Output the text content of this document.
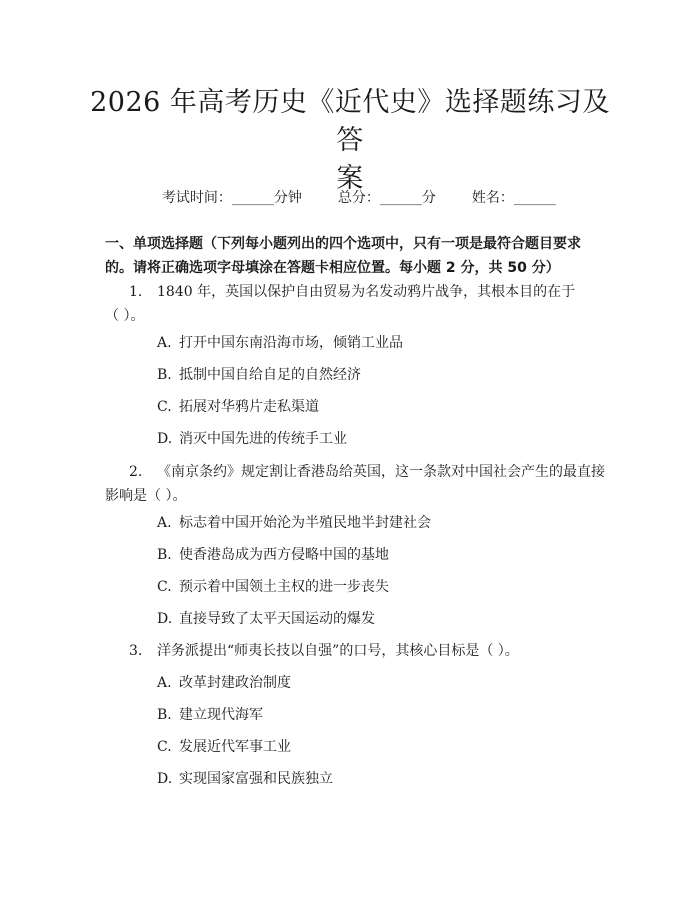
2026 年高考历史《近代史》选择题练习及答
案

考试时间：______分钟	总分：______分	姓名：______

一、单项选择题（下列每小题列出的四个选项中，只有一项是最符合题目要求
的。请将正确选项字母填涂在答题卡相应位置。每小题 2 分，共 50 分）
1. 1840 年，英国以保护自由贸易为名发动鸦片战争，其根本目的在于
（ ）。
A. 打开中国东南沿海市场，倾销工业品
B. 抵制中国自给自足的自然经济
C. 拓展对华鸦片走私渠道
D. 消灭中国先进的传统手工业
2. 《南京条约》规定割让香港岛给英国，这一条款对中国社会产生的最直接
影响是（ ）。
A. 标志着中国开始沦为半殖民地半封建社会
B. 使香港岛成为西方侵略中国的基地
C. 预示着中国领土主权的进一步丧失
D. 直接导致了太平天国运动的爆发
3. 洋务派提出“师夷长技以自强”的口号，其核心目标是（ ）。
A. 改革封建政治制度
B. 建立现代海军
C. 发展近代军事工业
D. 实现国家富强和民族独立
